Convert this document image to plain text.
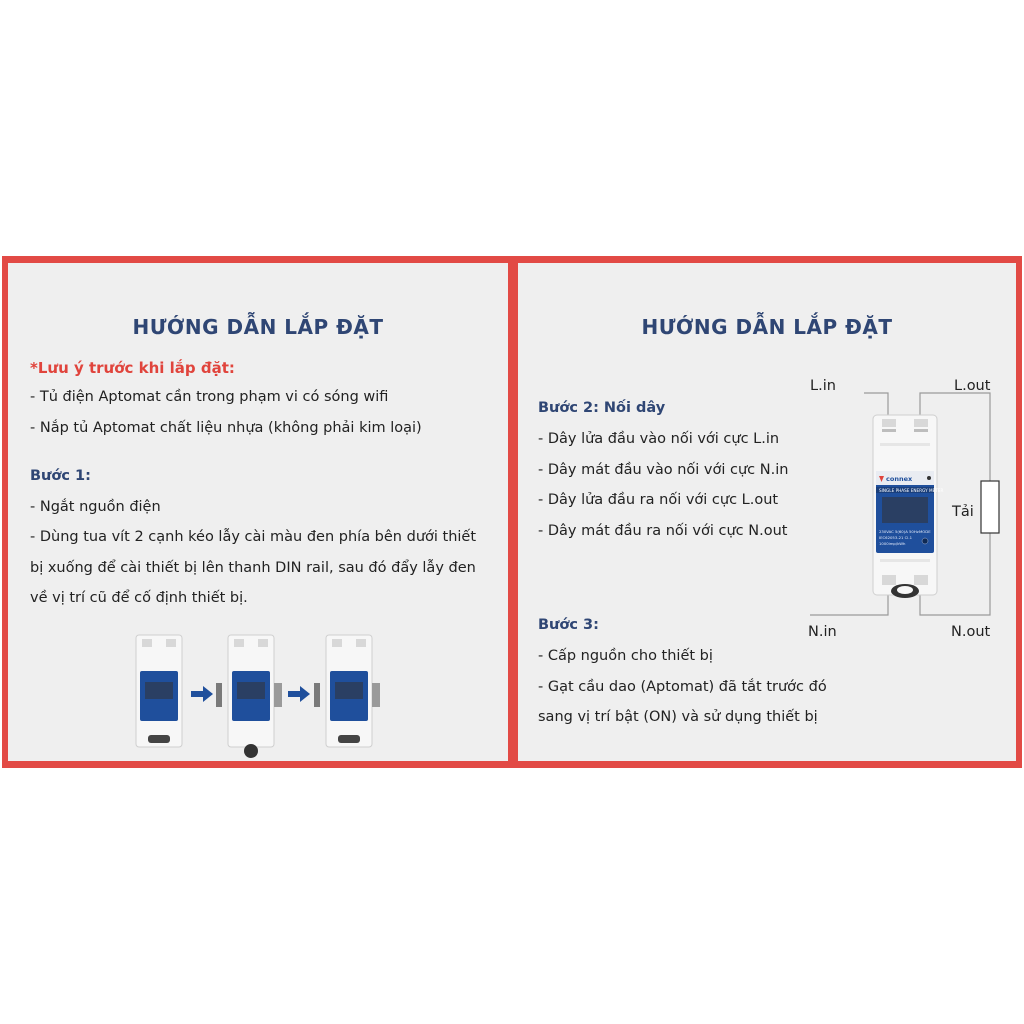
HƯỚNG DẪN LẮP ĐẶT
*Lưu ý trước khi lắp đặt:
- Tủ điện Aptomat cần trong phạm vi có sóng wifi
- Nắp tủ Aptomat chất liệu nhựa (không phải kim loại)
Bước 1:
- Ngắt nguồn điện
- Dùng tua vít 2 cạnh kéo lẫy cài màu đen phía bên dưới thiết
bị xuống để cài thiết bị lên thanh DIN rail, sau đó đẩy lẫy đen
về vị trí cũ để cố định thiết bị.
HƯỚNG DẪN LẮP ĐẶT
Bước 2: Nối dây
- Dây lửa đầu vào nối với cực L.in
- Dây mát đầu vào nối với cực N.in
- Dây lửa đầu ra nối với cực L.out
- Dây mát đầu ra nối với cực N.out
Bước 3:
- Cấp nguồn cho thiết bị
- Gạt cầu dao (Aptomat) đã tắt trước đó
sang vị trí bật (ON) và sử dụng thiết bị
connex
SINGLE PHASE ENERGY METER
230VAC 5(60)A 50Hz
IEC62053-21 Cl.1
1000imp/kWh
MODE
L.in	L.out
Tải
N.in	N.out
